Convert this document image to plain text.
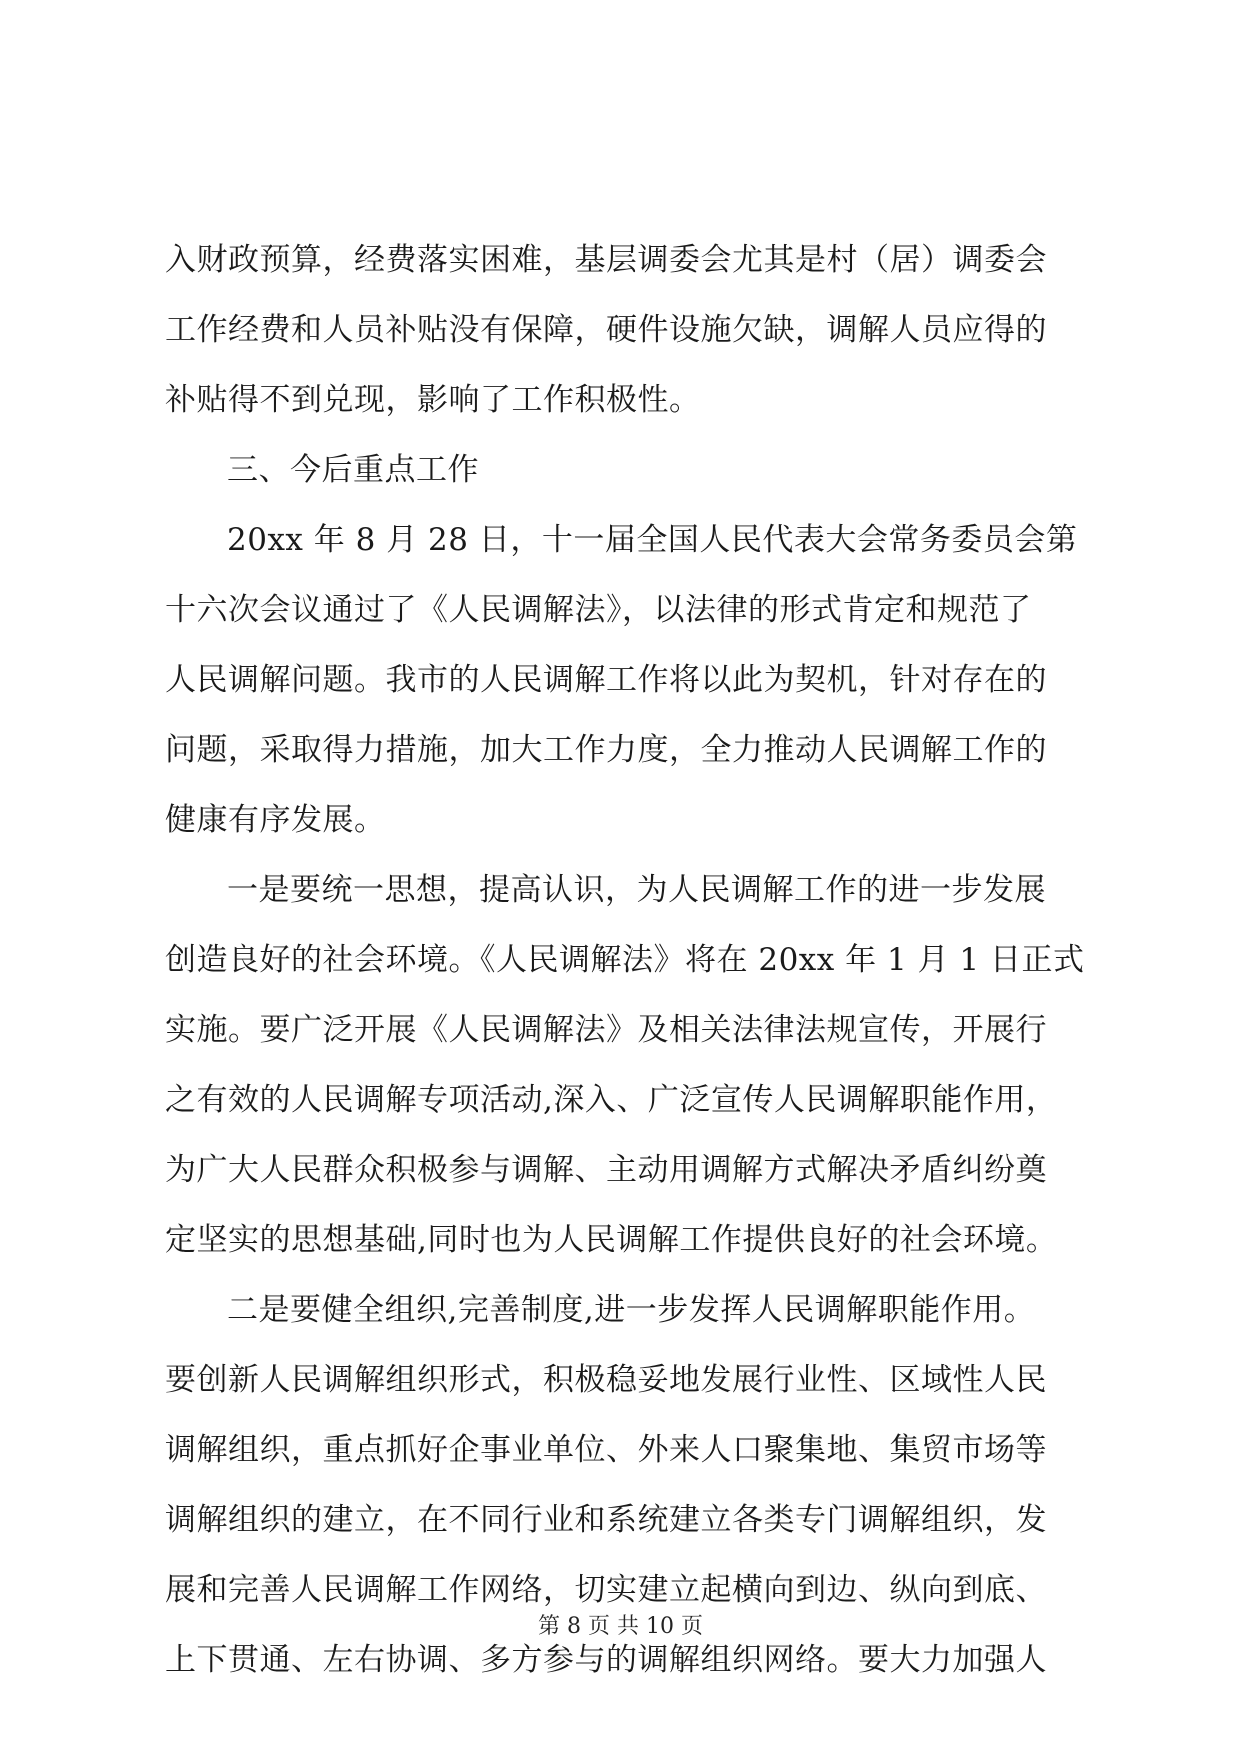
入财政预算，经费落实困难，基层调委会尤其是村（居）调委会
工作经费和人员补贴没有保障，硬件设施欠缺，调解人员应得的
补贴得不到兑现，影响了工作积极性。
三、今后重点工作
20xx 年 8 月 28 日，十一届全国人民代表大会常务委员会第
十六次会议通过了《人民调解法》，以法律的形式肯定和规范了
人民调解问题。我市的人民调解工作将以此为契机，针对存在的
问题，采取得力措施，加大工作力度，全力推动人民调解工作的
健康有序发展。
一是要统一思想，提高认识，为人民调解工作的进一步发展
创造良好的社会环境。《人民调解法》将在 20xx 年 1 月 1 日正式
实施。要广泛开展《人民调解法》及相关法律法规宣传，开展行
之有效的人民调解专项活动,深入、广泛宣传人民调解职能作用，
为广大人民群众积极参与调解、主动用调解方式解决矛盾纠纷奠
定坚实的思想基础,同时也为人民调解工作提供良好的社会环境。
二是要健全组织,完善制度,进一步发挥人民调解职能作用。
要创新人民调解组织形式，积极稳妥地发展行业性、区域性人民
调解组织，重点抓好企事业单位、外来人口聚集地、集贸市场等
调解组织的建立，在不同行业和系统建立各类专门调解组织，发
展和完善人民调解工作网络，切实建立起横向到边、纵向到底、
上下贯通、左右协调、多方参与的调解组织网络。要大力加强人
第 8 页 共 10 页
